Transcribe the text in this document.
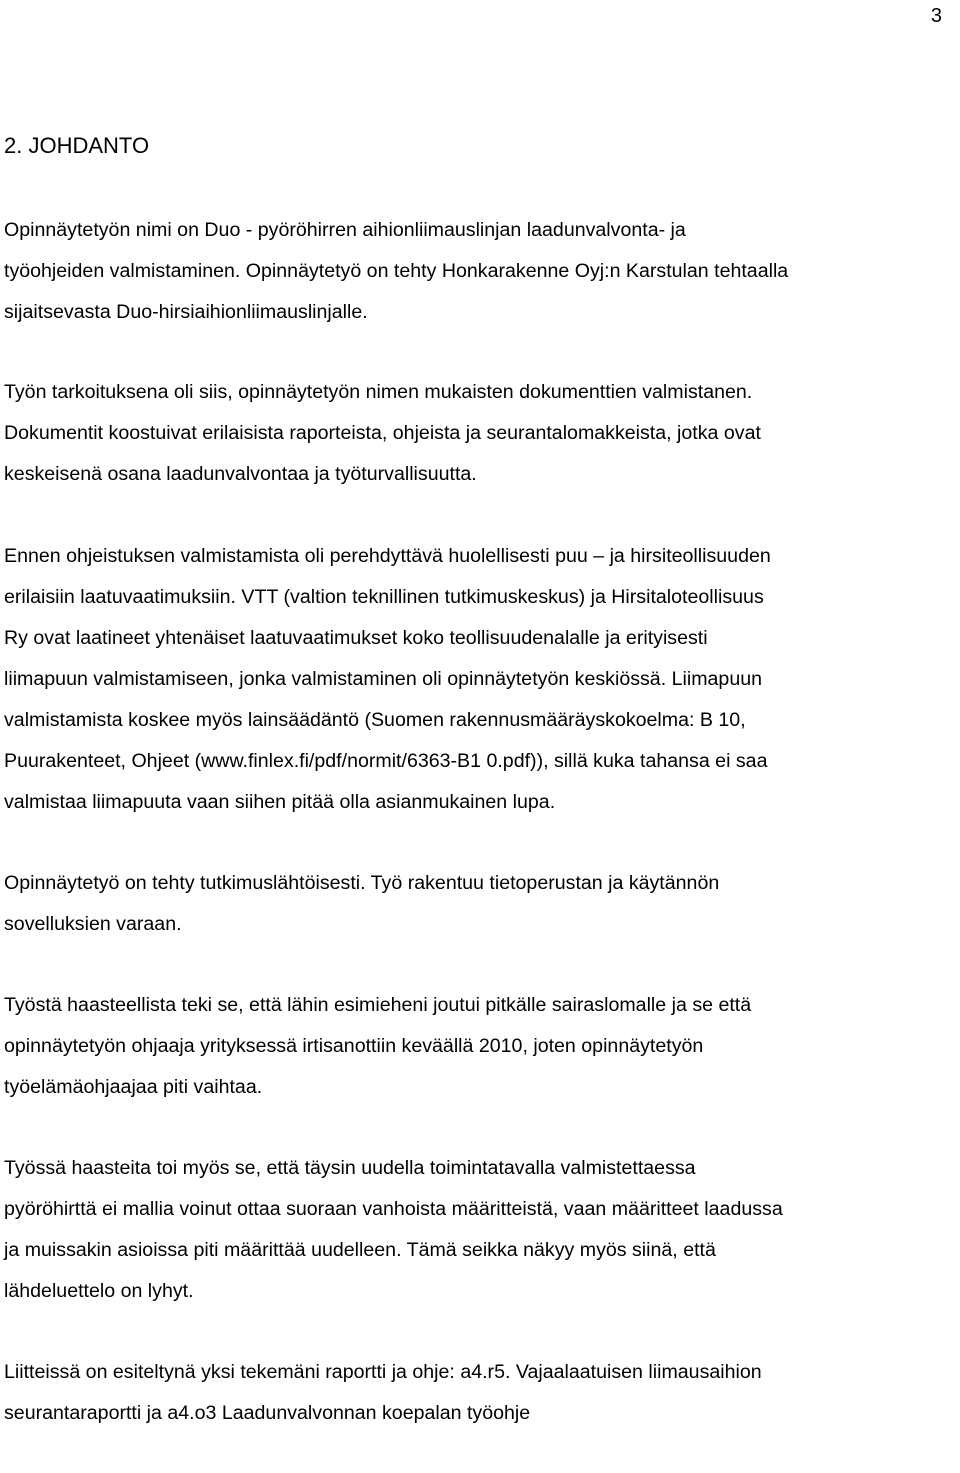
3
2. JOHDANTO

Opinnäytetyön nimi on Duo - pyöröhirren aihionliimauslinjan laadunvalvonta- ja
työohjeiden valmistaminen. Opinnäytetyö on tehty Honkarakenne Oyj:n Karstulan tehtaalla
sijaitsevasta Duo-hirsiaihionliimauslinjalle.

Työn tarkoituksena oli siis, opinnäytetyön nimen mukaisten dokumenttien valmistanen.
Dokumentit koostuivat erilaisista raporteista, ohjeista ja seurantalomakkeista, jotka ovat
keskeisenä osana laadunvalvontaa ja työturvallisuutta.

Ennen ohjeistuksen valmistamista oli perehdyttävä huolellisesti puu – ja hirsiteollisuuden
erilaisiin laatuvaatimuksiin. VTT (valtion teknillinen tutkimuskeskus) ja Hirsitaloteollisuus
Ry ovat laatineet yhtenäiset laatuvaatimukset koko teollisuudenalalle ja erityisesti
liimapuun valmistamiseen, jonka valmistaminen oli opinnäytetyön keskiössä. Liimapuun
valmistamista koskee myös lainsäädäntö (Suomen rakennusmääräyskokoelma: B 10,
Puurakenteet, Ohjeet (www.finlex.fi/pdf/normit/6363-B1 0.pdf)), sillä kuka tahansa ei saa
valmistaa liimapuuta vaan siihen pitää olla asianmukainen lupa.

Opinnäytetyö on tehty tutkimuslähtöisesti. Työ rakentuu tietoperustan ja käytännön
sovelluksien varaan.

Työstä haasteellista teki se, että lähin esimieheni joutui pitkälle sairaslomalle ja se että
opinnäytetyön ohjaaja yrityksessä irtisanottiin keväällä 2010, joten opinnäytetyön
työelämäohjaajaa piti vaihtaa.

Työssä haasteita toi myös se, että täysin uudella toimintatavalla valmistettaessa
pyöröhirttä ei mallia voinut ottaa suoraan vanhoista määritteistä, vaan määritteet laadussa
ja muissakin asioissa piti määrittää uudelleen. Tämä seikka näkyy myös siinä, että
lähdeluettelo on lyhyt.

Liitteissä on esiteltynä yksi tekemäni raportti ja ohje: a4.r5. Vajaalaatuisen liimausaihion
seurantaraportti ja a4.o3 Laadunvalvonnan koepalan työohje
